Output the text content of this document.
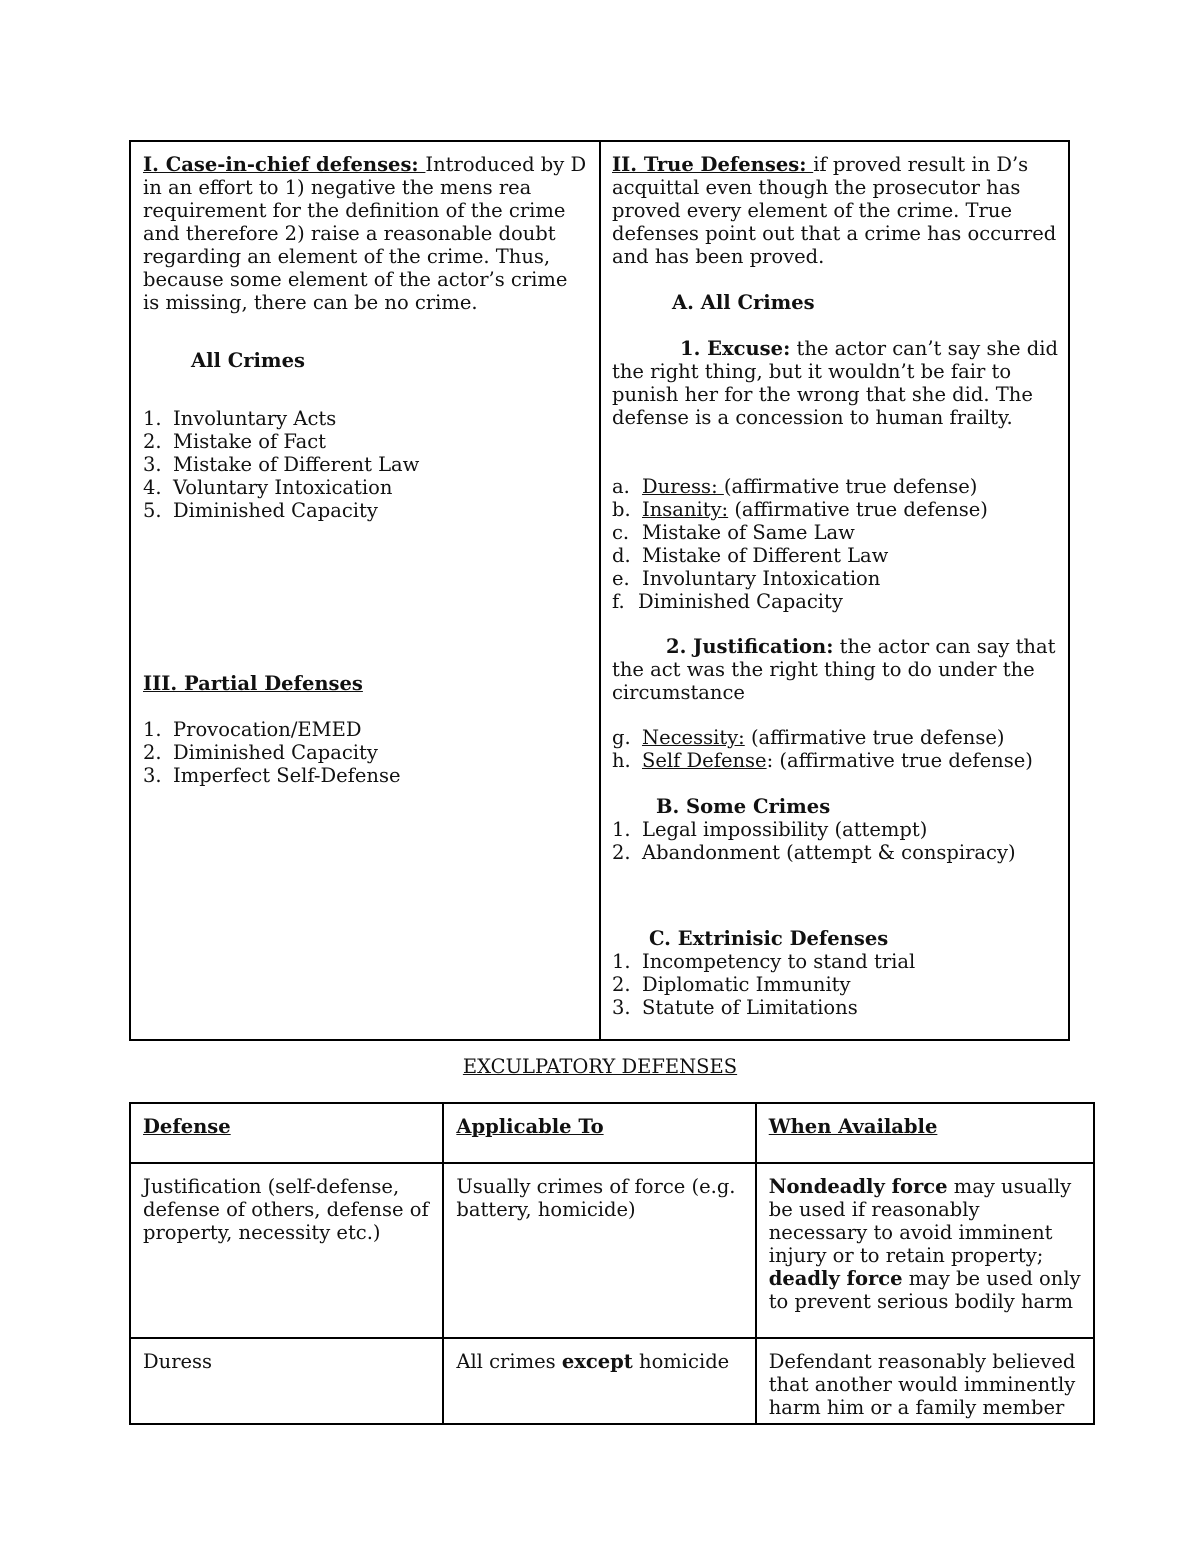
I. Case-in-chief defenses: Introduced by D in an effort to 1) negative the mens rea requirement for the definition of the crime and therefore 2) raise a reasonable doubt regarding an element of the crime. Thus, because some element of the actor’s crime is missing, there can be no crime.

All Crimes

1. Involuntary Acts
2. Mistake of Fact
3. Mistake of Different Law
4. Voluntary Intoxication
5. Diminished Capacity

III. Partial Defenses

1. Provocation/EMED
2. Diminished Capacity
3. Imperfect Self-Defense

II. True Defenses: if proved result in D’s acquittal even though the prosecutor has proved every element of the crime. True defenses point out that a crime has occurred and has been proved.

A. All Crimes

1. Excuse: the actor can’t say she did the right thing, but it wouldn’t be fair to punish her for the wrong that she did. The defense is a concession to human frailty.

a. Duress: (affirmative true defense)
b. Insanity: (affirmative true defense)
c. Mistake of Same Law
d. Mistake of Different Law
e. Involuntary Intoxication
f. Diminished Capacity

2. Justification: the actor can say that the act was the right thing to do under the circumstance

g. Necessity: (affirmative true defense)
h. Self Defense: (affirmative true defense)

B. Some Crimes

1. Legal impossibility (attempt)
2. Abandonment (attempt & conspiracy)

C. Extrinisic Defenses

1. Incompetency to stand trial
2. Diplomatic Immunity
3. Statute of Limitations
EXCULPATORY DEFENSES
Defense	Applicable To	When Available
Justification (self-defense, defense of others, defense of property, necessity etc.)	Usually crimes of force (e.g. battery, homicide)	Nondeadly force may usually be used if reasonably necessary to avoid imminent injury or to retain property; deadly force may be used only to prevent serious bodily harm
Duress	All crimes except homicide	Defendant reasonably believed that another would imminently harm him or a family member
